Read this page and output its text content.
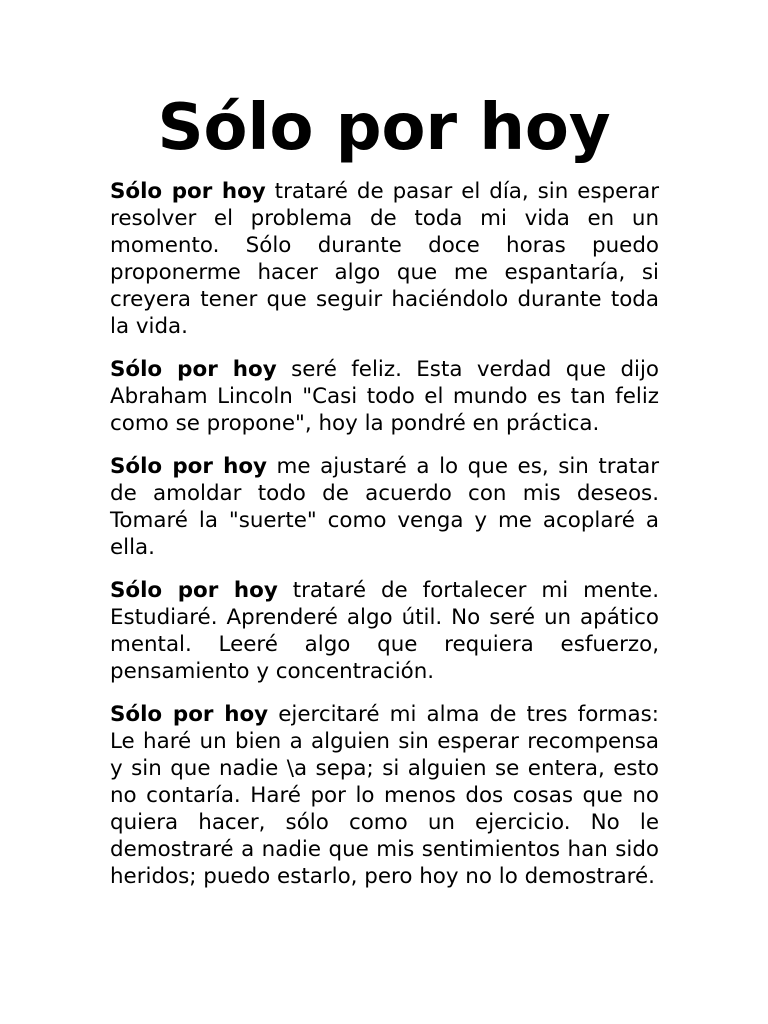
Sólo por hoy

Sólo por hoy trataré de pasar el día, sin esperar resolver el problema de toda mi vida en un momento. Sólo durante doce horas puedo proponerme hacer algo que me espantaría, si creyera tener que seguir haciéndolo durante toda la vida.

Sólo por hoy seré feliz. Esta verdad que dijo Abraham Lincoln "Casi todo el mundo es tan feliz como se propone", hoy la pondré en práctica.

Sólo por hoy me ajustaré a lo que es, sin tratar de amoldar todo de acuerdo con mis deseos. Tomaré la "suerte" como venga y me acoplaré a ella.

Sólo por hoy trataré de fortalecer mi mente. Estudiaré. Aprenderé algo útil. No seré un apático mental. Leeré algo que requiera esfuerzo, pensamiento y concentración.

Sólo por hoy ejercitaré mi alma de tres formas: Le haré un bien a alguien sin esperar recompensa y sin que nadie \a sepa; si alguien se entera, esto no contaría. Haré por lo menos dos cosas que no quiera hacer, sólo como un ejercicio. No le demostraré a nadie que mis sentimientos han sido heridos; puedo estarlo, pero hoy no lo demostraré.
